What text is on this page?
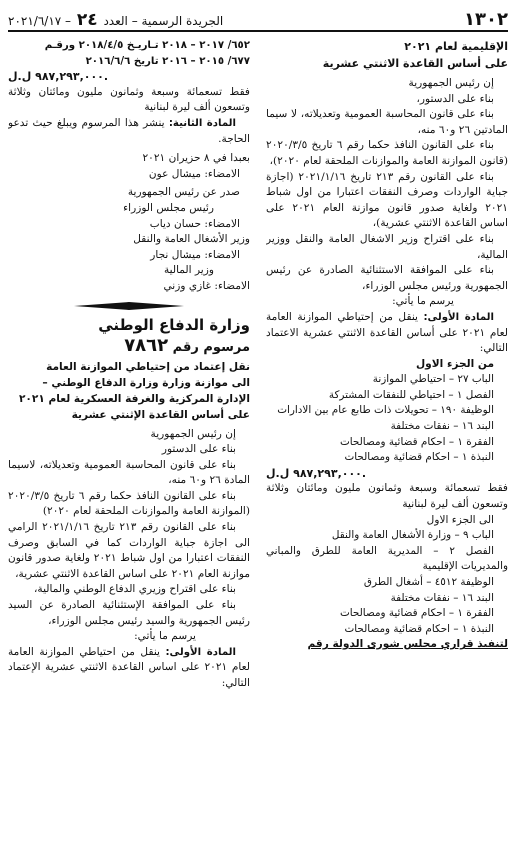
١٣٠٢
الجريدة الرسمية – العدد ٢٤ – ٢٠٢١/٦/١٧

الإقليمية لعام ٢٠٢١

على أساس القاعدة الاثنتي عشرية

إن رئيس الجمهورية

بناء على الدستور،

بناء على قانون المحاسبة العمومية وتعديلاته، لا سيما المادتين ٢٦ و٦٠ منه،

بناء على القانون النافذ حكما رقم ٦ تاريخ ٢٠٢٠/٣/٥ (قانون الموازنة العامة والموازنات الملحقة لعام ٢٠٢٠)،

بناء على القانون رقم ٢١٣ تاريخ ٢٠٢١/١/١٦ (اجازة جباية الواردات وصرف النفقات اعتبارا من اول شباط ٢٠٢١ ولغاية صدور قانون موازنة العام ٢٠٢١ على اساس القاعدة الاثنتي عشرية)،

بناء على اقتراح وزير الاشغال العامة والنقل ووزير المالية،

بناء على الموافقة الاستثنائية الصادرة عن رئيس الجمهورية ورئيس مجلس الوزراء،

يرسم ما يأتي:

المادة الأولى: ينقل من إحتياطي الموازنة العامة لعام ٢٠٢١ على أساس القاعدة الاثنتي عشرية الاعتماد التالي:

من الجزء الاول

الباب ٢٧ – احتياطي الموازنة

الفصل ١ – احتياطي للنفقات المشتركة

الوظيفة ١٩٠ – تحويلات ذات طابع عام بين الادارات

البند ١٦ – نفقات مختلفة

الفقرة ١ – احكام قضائية ومصالحات

النبذة ١ – احكام قضائية ومصالحات

٩٨٧,٢٩٣,٠٠٠ ل.ل.

فقط تسعمائة وسبعة وثمانون مليون ومائتان وثلاثة وتسعون ألف ليرة لبنانية

الى الجزء الاول

الباب ٩ – وزارة الأشغال العامة والنقل

الفصل ٢ – المديرية العامة للطرق والمباني والمديريات الإقليمية

الوظيفة ٤٥١٢ – أشغال الطرق

البند ١٦ – نفقات مختلفة

الفقرة ١ – احكام قضائية ومصالحات

النبذة ١ – احكام قضائية ومصالحات

لتنفيذ قراري مجلس شورى الدولة رقم

٦٥٢/ ٢٠١٧ – ٢٠١٨ تـاريـخ ٢٠١٨/٤/٥ ورقـم

٦٧٧/ ٢٠١٥ – ٢٠١٦ تاريخ ٢٠١٦/٦/٦

٩٨٧,٢٩٣,٠٠٠ ل.ل.

فقط تسعمائة وسبعة وثمانون مليون ومائتان وثلاثة وتسعون ألف ليرة لبنانية

المادة الثانية: ينشر هذا المرسوم ويبلغ حيث تدعو الحاجة.

بعبدا في ٨ حزيران ٢٠٢١

الامضاء: ميشال عون

صدر عن رئيس الجمهورية

رئيس مجلس الوزراء

الامضاء: حسان دياب

وزير الأشغال العامة والنقل

الامضاء: ميشال نجار

وزير المالية

الامضاء: غازي وزني

وزارة الدفاع الوطني

مرسوم رقم ٧٨٦٢

نقل إعتماد من إحتياطي الموازنة العامة

الى موازنة وزارة وزارة الدفاع الوطني –

الإدارة المركزية والغرفة العسكرية لعام ٢٠٢١

على أساس القاعدة الإثنتي عشرية

إن رئيس الجمهورية

بناء على الدستور

بناء على قانون المحاسبة العمومية وتعديلاته، لاسيما المادة ٢٦ و٦٠ منه،

بناء على القانون النافذ حكما رقم ٦ تاريخ ٢٠٢٠/٣/٥ (الموازنة العامة والموازنات الملحقة لعام ٢٠٢٠)

بناء على القانون رقم ٢١٣ تاريخ ٢٠٢١/١/١٦ الرامي الى اجازة جباية الواردات كما في السابق وصرف النفقات اعتبارا من اول شباط ٢٠٢١ ولغاية صدور قانون موازنة العام ٢٠٢١ على اساس القاعدة الاثنتي عشرية،

بناء على اقتراح وزيري الدفاع الوطني والمالية،

بناء على الموافقة الإستثنائية الصادرة عن السيد رئيس الجمهورية والسيد رئيس مجلس الوزراء،

يرسم ما يأتي:

المادة الأولى: ينقل من احتياطي الموازنة العامة لعام ٢٠٢١ على اساس القاعدة الاثنتي عشرية الإعتماد التالي:
